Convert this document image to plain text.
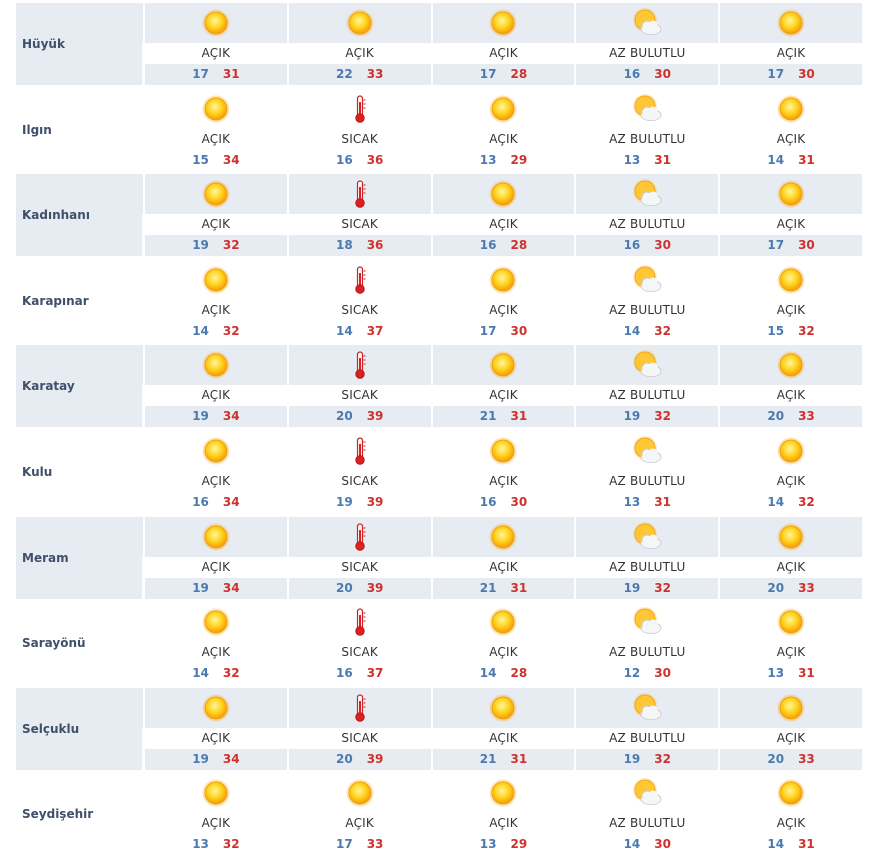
Hüyük
AÇIK
17 31
AÇIK
22 33
AÇIK
17 28
AZ BULUTLU
16 30
AÇIK
17 30
Ilgın
AÇIK
15 34
SICAK
16 36
AÇIK
13 29
AZ BULUTLU
13 31
AÇIK
14 31
Kadınhanı
AÇIK
19 32
SICAK
18 36
AÇIK
16 28
AZ BULUTLU
16 30
AÇIK
17 30
Karapınar
AÇIK
14 32
SICAK
14 37
AÇIK
17 30
AZ BULUTLU
14 32
AÇIK
15 32
Karatay
AÇIK
19 34
SICAK
20 39
AÇIK
21 31
AZ BULUTLU
19 32
AÇIK
20 33
Kulu
AÇIK
16 34
SICAK
19 39
AÇIK
16 30
AZ BULUTLU
13 31
AÇIK
14 32
Meram
AÇIK
19 34
SICAK
20 39
AÇIK
21 31
AZ BULUTLU
19 32
AÇIK
20 33
Sarayönü
AÇIK
14 32
SICAK
16 37
AÇIK
14 28
AZ BULUTLU
12 30
AÇIK
13 31
Selçuklu
AÇIK
19 34
SICAK
20 39
AÇIK
21 31
AZ BULUTLU
19 32
AÇIK
20 33
Seydişehir
AÇIK
13 32
AÇIK
17 33
AÇIK
13 29
AZ BULUTLU
14 30
AÇIK
14 31
